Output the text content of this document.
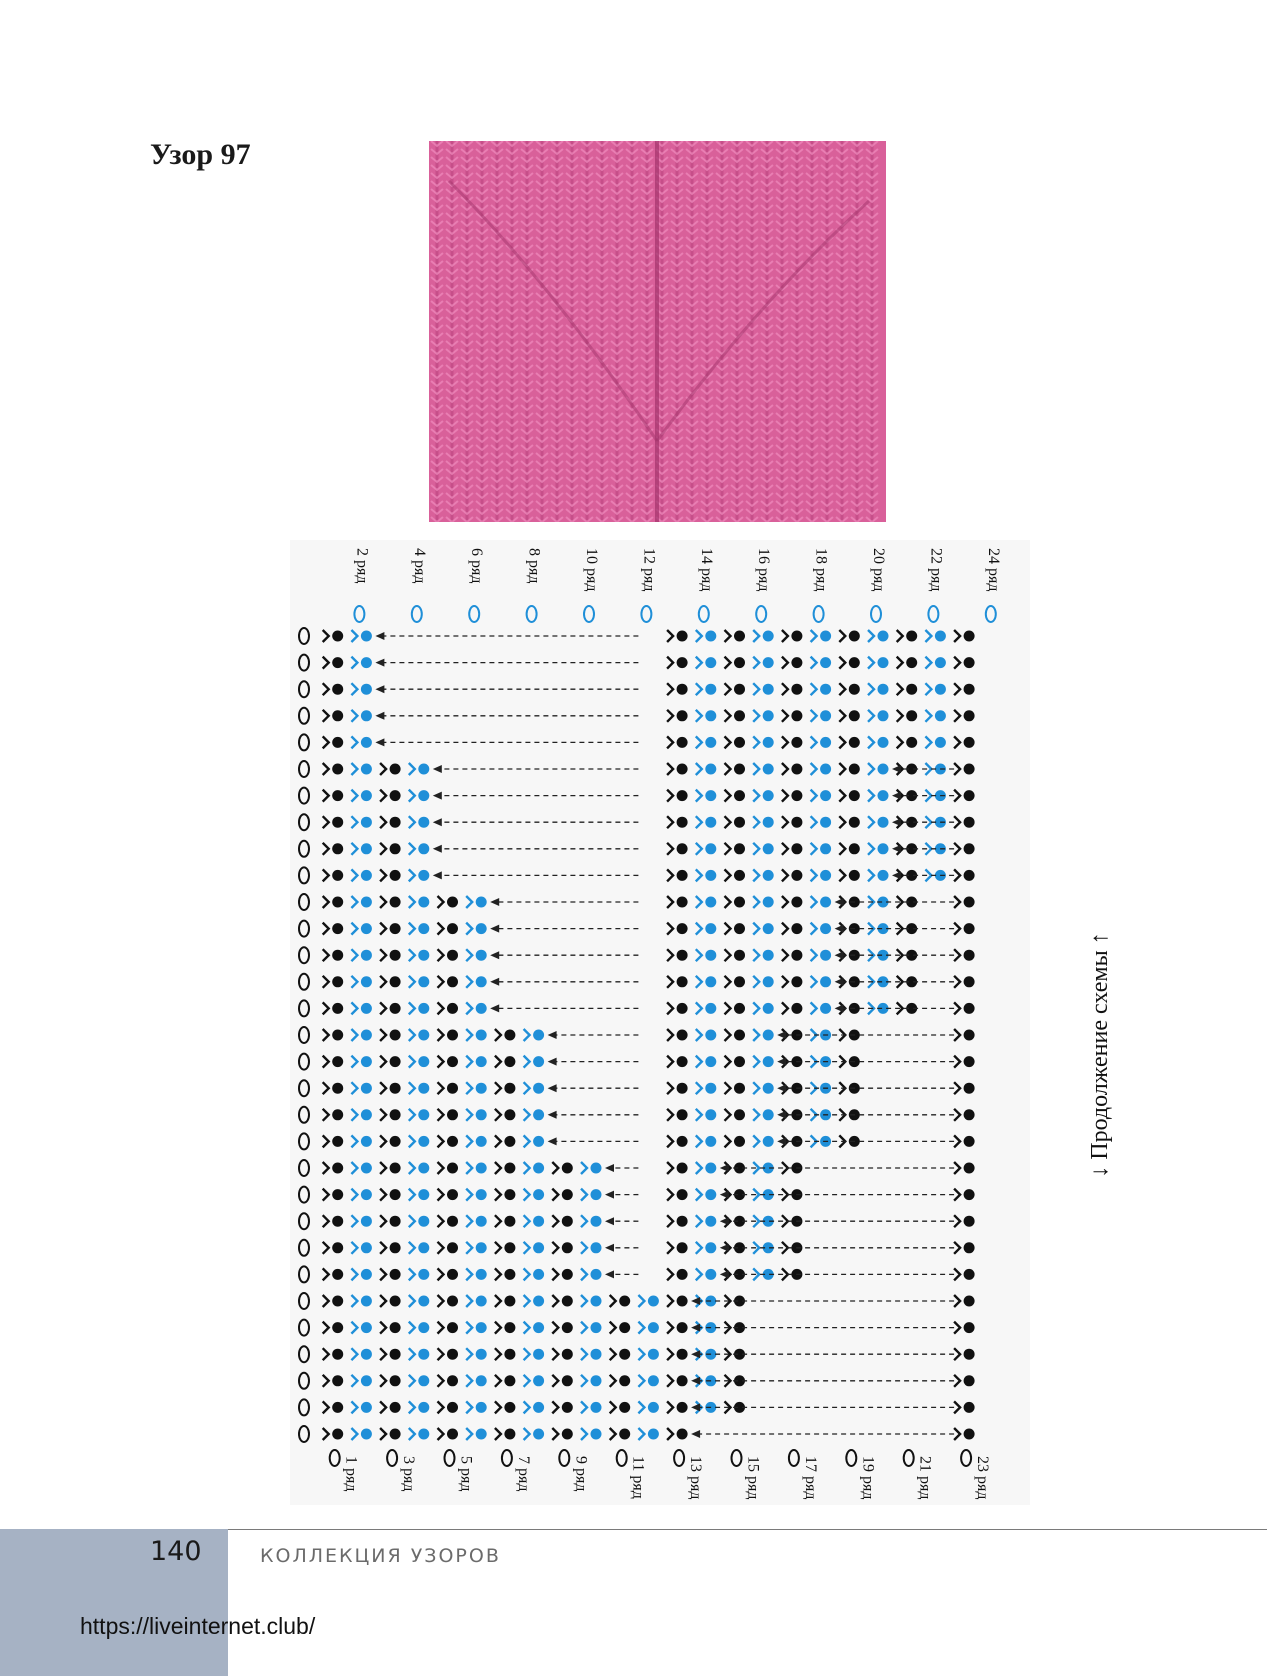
Узор 97
2 ряд	4 ряд	6 ряд	8 ряд	10 ряд	12 ряд	14 ряд	16 ряд	18 ряд	20 ряд	22 ряд	24 ряд
1 ряд	3 ряд	5 ряд	7 ряд	9 ряд	11 ряд	13 ряд	15 ряд	17 ряд	19 ряд	21 ряд	23 ряд
↓ Продолжение схемы ↑
140	КОЛЛЕКЦИЯ УЗОРОВ
https://liveinternet.club/
